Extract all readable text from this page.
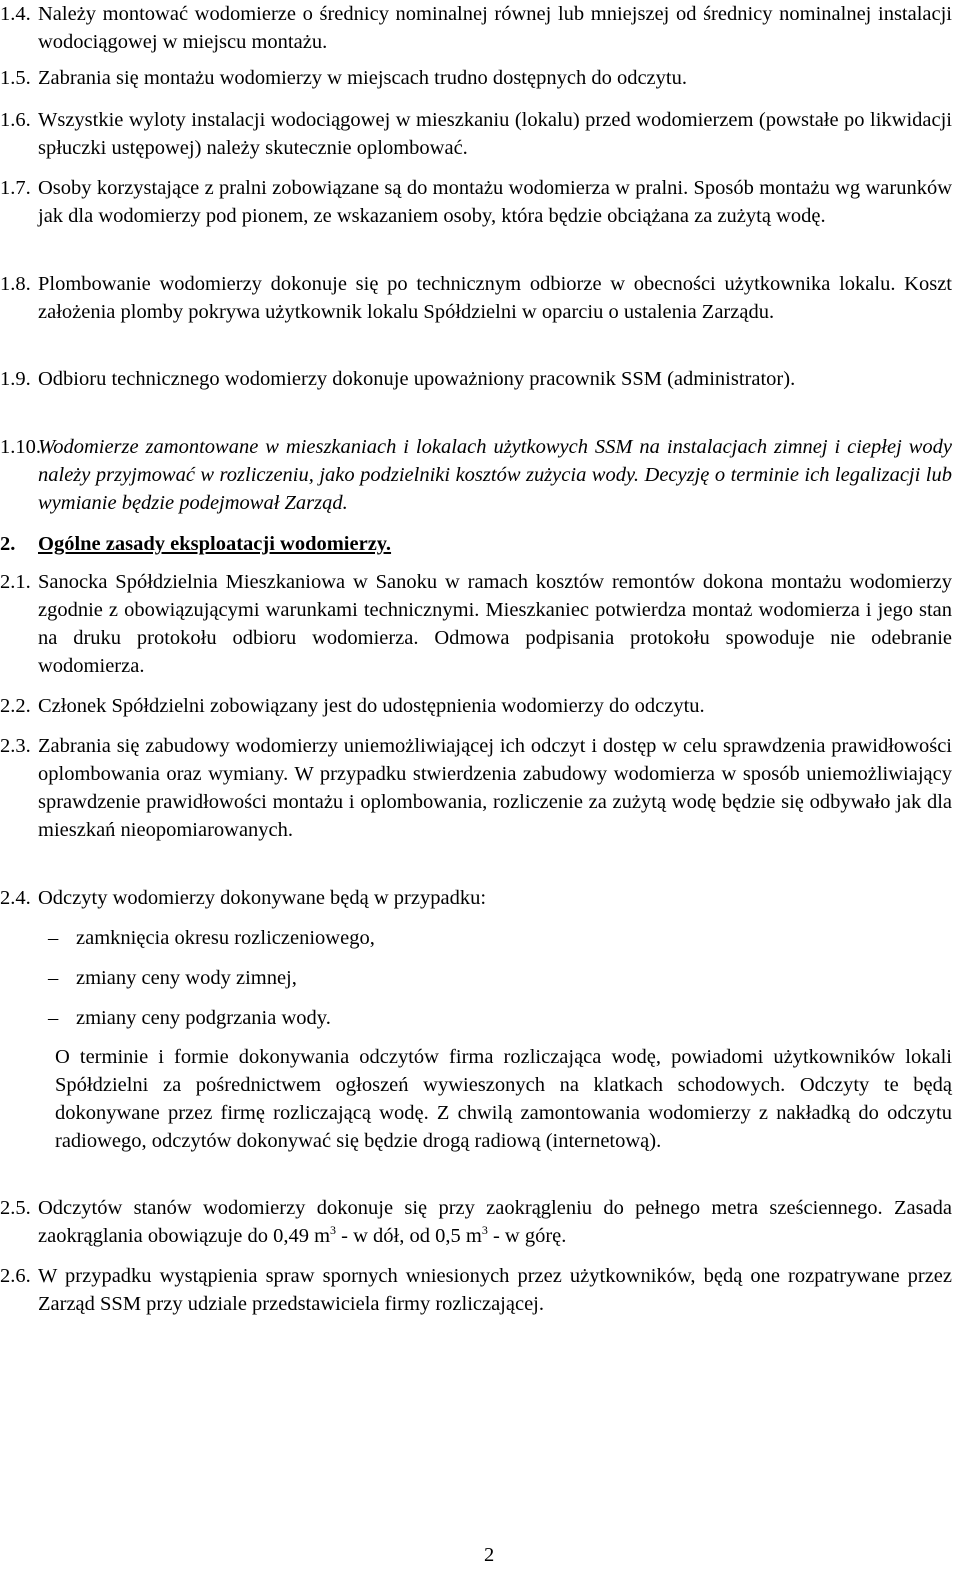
1.4. Należy montować wodomierze o średnicy nominalnej równej lub mniejszej od średnicy nominalnej instalacji wodociągowej w miejscu montażu.

1.5. Zabrania się montażu wodomierzy w miejscach trudno dostępnych do odczytu.

1.6. Wszystkie wyloty instalacji wodociągowej w mieszkaniu (lokalu) przed wodomierzem (powstałe po likwidacji spłuczki ustępowej) należy skutecznie oplombować.

1.7. Osoby korzystające z pralni zobowiązane są do montażu wodomierza w pralni. Sposób montażu wg warunków jak dla wodomierzy pod pionem, ze wskazaniem osoby, która będzie obciążana za zużytą wodę.

1.8. Plombowanie wodomierzy dokonuje się po technicznym odbiorze w obecności użytkownika lokalu. Koszt założenia plomby pokrywa użytkownik lokalu Spółdzielni w oparciu o ustalenia Zarządu.

1.9. Odbioru technicznego wodomierzy dokonuje upoważniony pracownik SSM (administrator).

1.10.

Wodomierze zamontowane w mieszkaniach i lokalach użytkowych SSM na instalacjach zimnej i ciepłej wody należy przyjmować w rozliczeniu, jako podzielniki kosztów zużycia wody. Decyzję o terminie ich legalizacji lub wymianie będzie podejmował Zarząd.

2. Ogólne zasady eksploatacji wodomierzy.
2.1. Sanocka Spółdzielnia Mieszkaniowa w Sanoku w ramach kosztów remontów dokona montażu wodomierzy zgodnie z obowiązującymi warunkami technicznymi. Mieszkaniec potwierdza montaż wodomierza i jego stan na druku protokołu odbioru wodomierza. Odmowa podpisania protokołu spowoduje nie odebranie wodomierza.

2.2. Członek Spółdzielni zobowiązany jest do udostępnienia wodomierzy do odczytu.

2.3. Zabrania się zabudowy wodomierzy uniemożliwiającej ich odczyt i dostęp w celu sprawdzenia prawidłowości oplombowania oraz wymiany. W przypadku stwierdzenia zabudowy wodomierza w sposób uniemożliwiający sprawdzenie prawidłowości montażu i oplombowania, rozliczenie za zużytą wodę będzie się odbywało jak dla mieszkań nieopomiarowanych.

2.4. Odczyty wodomierzy dokonywane będą w przypadku:

– zamknięcia okresu rozliczeniowego,
– zmiany ceny wody zimnej,
– zmiany ceny podgrzania wody.
O terminie i formie dokonywania odczytów firma rozliczająca wodę, powiadomi użytkowników lokali Spółdzielni za pośrednictwem ogłoszeń wywieszonych na klatkach schodowych. Odczyty te będą dokonywane przez firmę rozliczającą wodę. Z chwilą zamontowania wodomierzy z nakładką do odczytu radiowego, odczytów dokonywać się będzie drogą radiową (internetową).
2.5. Odczytów stanów wodomierzy dokonuje się przy zaokrągleniu do pełnego metra sześciennego. Zasada zaokrąglania obowiązuje do 0,49 $m^3$ - w dół, od 0,5 $m^3$ - w górę.

2.6. W przypadku wystąpienia spraw spornych wniesionych przez użytkowników, będą one rozpatrywane przez Zarząd SSM przy udziale przedstawiciela firmy rozliczającej.

2
